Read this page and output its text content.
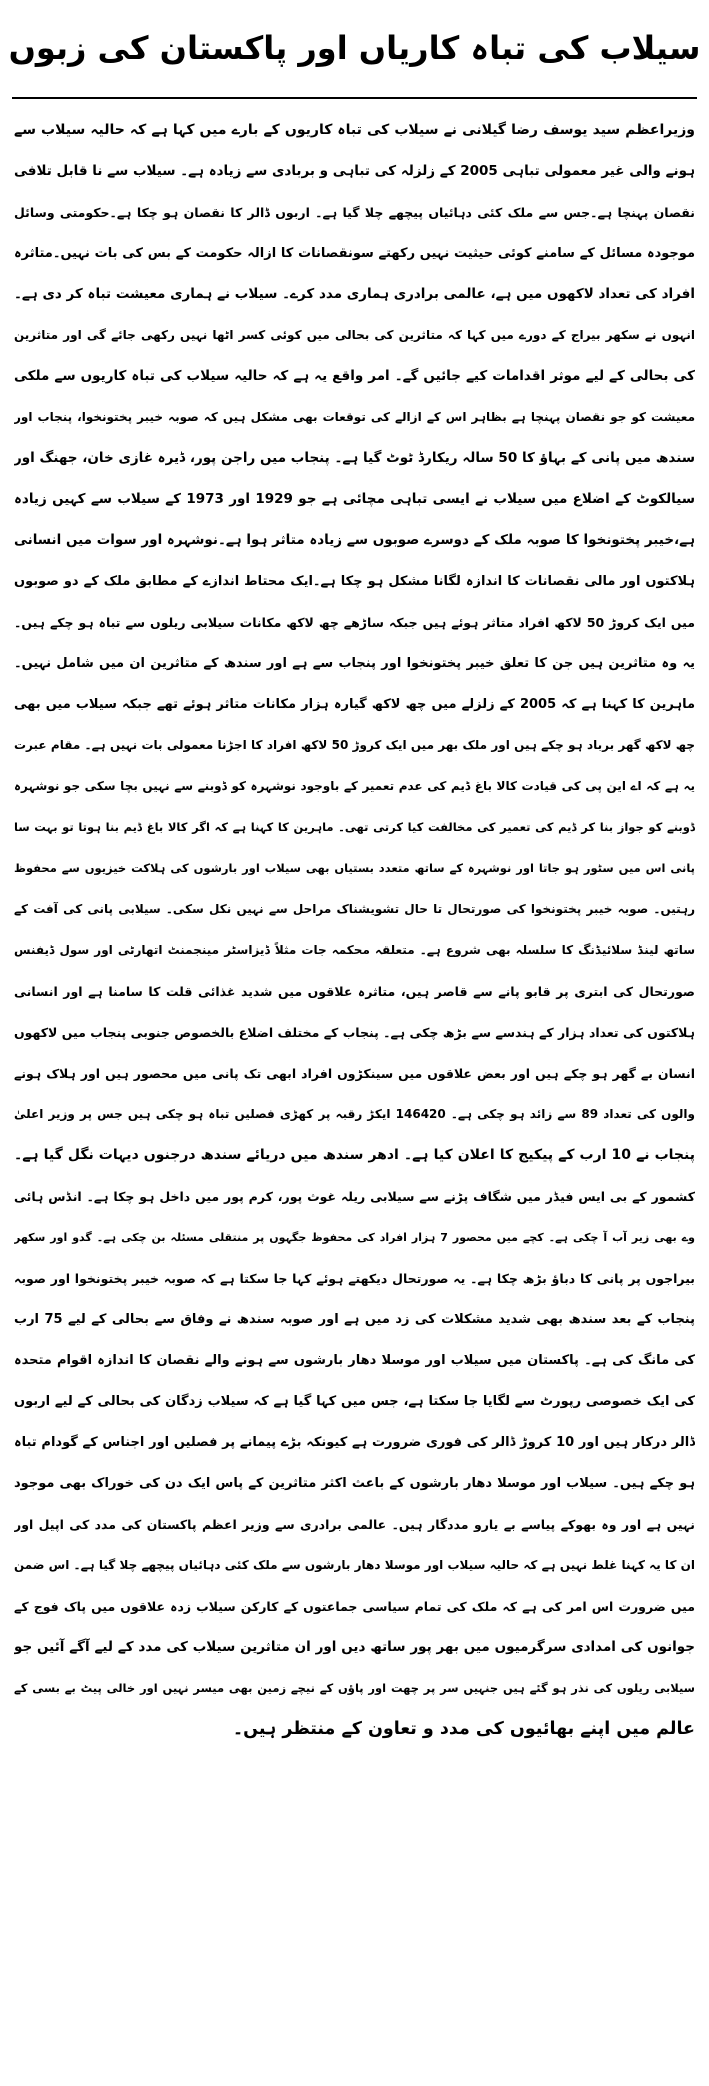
سیلاب کی تباہ کاریاں اور پاکستان کی زبوں
وزیراعظم سید یوسف رضا گیلانی نے سیلاب کی تباہ کاریوں کے بارے میں کہا ہے کہ حالیہ سیلاب سے
ہونے والی غیر معمولی تباہی 2005 کے زلزلہ کی تباہی و بربادی سے زیادہ ہے۔ سیلاب سے نا قابل تلافی
نقصان پہنچا ہے۔جس سے ملک کئی دہائیاں پیچھے چلا گیا ہے۔ اربوں ڈالر کا نقصان ہو چکا ہے۔حکومتی وسائل
موجودہ مسائل کے سامنے کوئی حیثیت نہیں رکھتے سونقصانات کا ازالہ حکومت کے بس کی بات نہیں۔متاثرہ
افراد کی تعداد لاکھوں میں ہے، عالمی برادری ہماری مدد کرے۔ سیلاب نے ہماری معیشت تباہ کر دی ہے۔
انہوں نے سکھر بیراج کے دورے میں کہا کہ متاثرین کی بحالی میں کوئی کسر اٹھا نہیں رکھی جائے گی اور متاثرین
کی بحالی کے لیے موثر اقدامات کیے جائیں گے۔ امر واقع یہ ہے کہ حالیہ سیلاب کی تباہ کاریوں سے ملکی
معیشت کو جو نقصان پہنچا ہے بظاہر اس کے ازالے کی توقعات بھی مشکل ہیں کہ صوبہ خیبر پختونخوا، پنجاب اور
سندھ میں پانی کے بہاؤ کا 50 سالہ ریکارڈ ٹوٹ گیا ہے۔ پنجاب میں راجن پور، ڈیرہ غازی خان، جھنگ اور
سیالکوٹ کے اضلاع میں سیلاب نے ایسی تباہی مچائی ہے جو 1929 اور 1973 کے سیلاب سے کہیں زیادہ
ہے،خیبر پختونخوا کا صوبہ ملک کے دوسرے صوبوں سے زیادہ متاثر ہوا ہے۔نوشہرہ اور سوات میں انسانی
ہلاکتوں اور مالی نقصانات کا اندازہ لگانا مشکل ہو چکا ہے۔ایک محتاط اندازے کے مطابق ملک کے دو صوبوں
میں ایک کروڑ 50 لاکھ افراد متاثر ہوئے ہیں جبکہ ساڑھے چھ لاکھ مکانات سیلابی ریلوں سے تباہ ہو چکے ہیں۔
یہ وہ متاثرین ہیں جن کا تعلق خیبر پختونخوا اور پنجاب سے ہے اور سندھ کے متاثرین ان میں شامل نہیں۔
ماہرین کا کہنا ہے کہ 2005 کے زلزلے میں چھ لاکھ گیارہ ہزار مکانات متاثر ہوئے تھے جبکہ سیلاب میں بھی
چھ لاکھ گھر برباد ہو چکے ہیں اور ملک بھر میں ایک کروڑ 50 لاکھ افراد کا اجڑنا معمولی بات نہیں ہے۔ مقام عبرت
یہ ہے کہ اے این پی کی قیادت کالا باغ ڈیم کی عدم تعمیر کے باوجود نوشہرہ کو ڈوبنے سے نہیں بچا سکی جو نوشہرہ
ڈوبنے کو جواز بنا کر ڈیم کی تعمیر کی مخالفت کیا کرتی تھی۔ ماہرین کا کہنا ہے کہ اگر کالا باغ ڈیم بنا ہوتا تو بہت سا
پانی اس میں سٹور ہو جاتا اور نوشہرہ کے ساتھ متعدد بستیاں بھی سیلاب اور بارشوں کی ہلاکت خیزیوں سے محفوظ
رہتیں۔ صوبہ خیبر پختونخوا کی صورتحال تا حال تشویشناک مراحل سے نہیں نکل سکی۔ سیلابی پانی کی آفت کے
ساتھ لینڈ سلائیڈنگ کا سلسلہ بھی شروع ہے۔ متعلقہ محکمہ جات مثلاً ڈیزاسٹر مینجمنٹ اتھارٹی اور سول ڈیفنس
صورتحال کی ابتری پر قابو پانے سے قاصر ہیں، متاثرہ علاقوں میں شدید غذائی قلت کا سامنا ہے اور انسانی
ہلاکتوں کی تعداد ہزار کے ہندسے سے بڑھ چکی ہے۔ پنجاب کے مختلف اضلاع بالخصوص جنوبی پنجاب میں لاکھوں
انسان بے گھر ہو چکے ہیں اور بعض علاقوں میں سینکڑوں افراد ابھی تک پانی میں محصور ہیں اور ہلاک ہونے
والوں کی تعداد 89 سے زائد ہو چکی ہے۔ 146420 ایکڑ رقبہ پر کھڑی فصلیں تباہ ہو چکی ہیں جس پر وزیر اعلیٰ
پنجاب نے 10 ارب کے پیکیج کا اعلان کیا ہے۔ ادھر سندھ میں دریائے سندھ درجنوں دیہات نگل گیا ہے۔
کشمور کے بی ایس فیڈر میں شگاف پڑنے سے سیلابی ریلہ غوث پور، کرم پور میں داخل ہو چکا ہے۔ انڈس ہائی
وے بھی زیر آب آ چکی ہے۔ کچے میں محصور 7 ہزار افراد کی محفوظ جگہوں پر منتقلی مسئلہ بن چکی ہے۔ گدو اور سکھر
بیراجوں پر پانی کا دباؤ بڑھ چکا ہے۔ یہ صورتحال دیکھتے ہوئے کہا جا سکتا ہے کہ صوبہ خیبر پختونخوا اور صوبہ
پنجاب کے بعد سندھ بھی شدید مشکلات کی زد میں ہے اور صوبہ سندھ نے وفاق سے بحالی کے لیے 75 ارب
کی مانگ کی ہے۔ پاکستان میں سیلاب اور موسلا دھار بارشوں سے ہونے والے نقصان کا اندازہ اقوام متحدہ
کی ایک خصوصی رپورٹ سے لگایا جا سکتا ہے، جس میں کہا گیا ہے کہ سیلاب زدگان کی بحالی کے لیے اربوں
ڈالر درکار ہیں اور 10 کروڑ ڈالر کی فوری ضرورت ہے کیونکہ بڑے پیمانے پر فصلیں اور اجناس کے گودام تباہ
ہو چکے ہیں۔ سیلاب اور موسلا دھار بارشوں کے باعث اکثر متاثرین کے پاس ایک دن کی خوراک بھی موجود
نہیں ہے اور وہ بھوکے پیاسے بے یارو مددگار ہیں۔ عالمی برادری سے وزیر اعظم پاکستان کی مدد کی اپیل اور
ان کا یہ کہنا غلط نہیں ہے کہ حالیہ سیلاب اور موسلا دھار بارشوں سے ملک کئی دہائیاں پیچھے چلا گیا ہے۔ اس ضمن
میں ضرورت اس امر کی ہے کہ ملک کی تمام سیاسی جماعتوں کے کارکن سیلاب زدہ علاقوں میں پاک فوج کے
جوانوں کی امدادی سرگرمیوں میں بھر پور ساتھ دیں اور ان متاثرین سیلاب کی مدد کے لیے آگے آئیں جو
سیلابی ریلوں کی نذر ہو گئے ہیں جنہیں سر پر چھت اور پاؤں کے نیچے زمین بھی میسر نہیں اور خالی پیٹ بے بسی کے
عالم میں اپنے بھائیوں کی مدد و تعاون کے منتظر ہیں۔
